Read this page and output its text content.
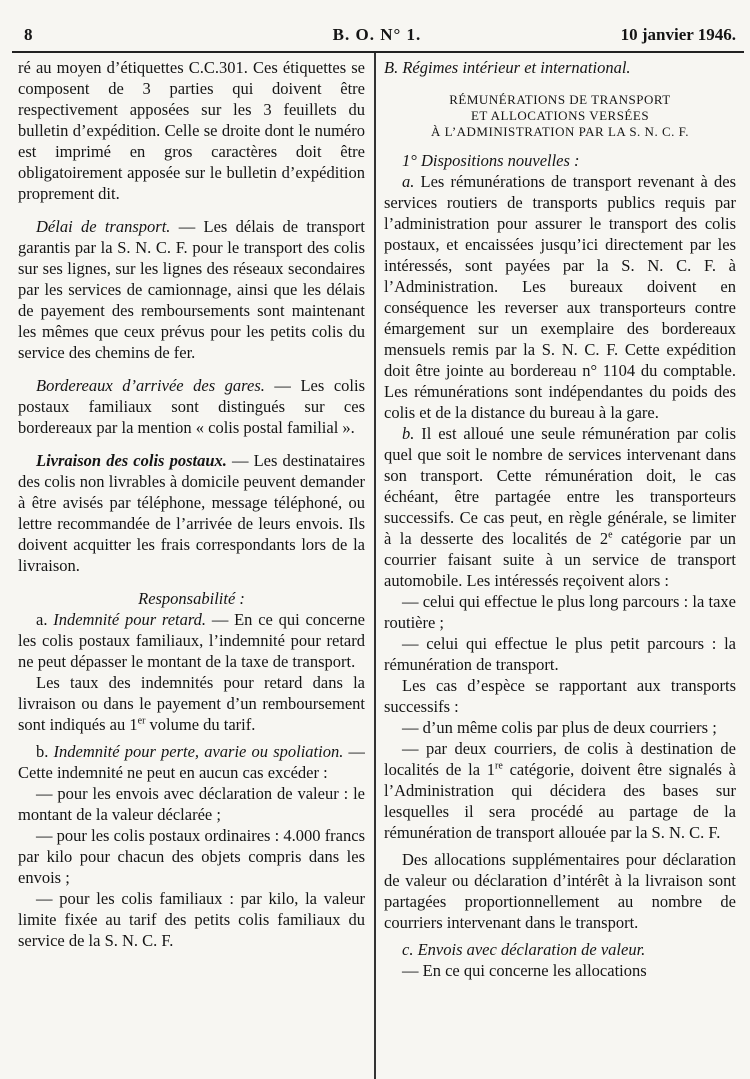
8	B. O. N° 1.	10 janvier 1946.

ré au moyen d’étiquettes C.C.301. Ces étiquettes se composent de 3 parties qui doivent être respectivement apposées sur les 3 feuillets du bulletin d’expédition. Celle se droite dont le numéro est imprimé en gros caractères doit être obligatoirement apposée sur le bulletin d’expédition proprement dit.

Délai de transport. — Les délais de transport garantis par la S. N. C. F. pour le transport des colis sur ses lignes, sur les lignes des réseaux secondaires par les services de camionnage, ainsi que les délais de payement des remboursements sont maintenant les mêmes que ceux prévus pour les petits colis du service des chemins de fer.

Bordereaux d’arrivée des gares. — Les colis postaux familiaux sont distingués sur ces bordereaux par la mention « colis postal familial ».

Livraison des colis postaux. — Les destinataires des colis non livrables à domicile peuvent demander à être avisés par téléphone, message téléphoné, ou lettre recommandée de l’arrivée de leurs envois. Ils doivent acquitter les frais correspondants lors de la livraison.

Responsabilité :

a. Indemnité pour retard. — En ce qui concerne les colis postaux familiaux, l’indemnité pour retard ne peut dépasser le montant de la taxe de transport.

Les taux des indemnités pour retard dans la livraison ou dans le payement d’un remboursement sont indiqués au 1er volume du tarif.

b. Indemnité pour perte, avarie ou spoliation. — Cette indemnité ne peut en aucun cas excéder :

— pour les envois avec déclaration de valeur : le montant de la valeur déclarée ;

— pour les colis postaux ordinaires : 4.000 francs par kilo pour chacun des objets compris dans les envois ;

— pour les colis familiaux : par kilo, la valeur limite fixée au tarif des petits colis familiaux du service de la S. N. C. F.

B. Régimes intérieur et international.

RÉMUNÉRATIONS DE TRANSPORT

ET ALLOCATIONS VERSÉES

À L’ADMINISTRATION PAR LA S. N. C. F.

1° Dispositions nouvelles :

a. Les rémunérations de transport revenant à des services routiers de transports publics requis par l’administration pour assurer le transport des colis postaux, et encaissées jusqu’ici directement par les intéressés, sont payées par la S. N. C. F. à l’Administration. Les bureaux doivent en conséquence les reverser aux transporteurs contre émargement sur un exemplaire des bordereaux mensuels remis par la S. N. C. F. Cette expédition doit être jointe au bordereau n° 1104 du comptable. Les rémunérations sont indépendantes du poids des colis et de la distance du bureau à la gare.

b. Il est alloué une seule rémunération par colis quel que soit le nombre de services intervenant dans son transport. Cette rémunération doit, le cas échéant, être partagée entre les transporteurs successifs. Ce cas peut, en règle générale, se limiter à la desserte des localités de 2e catégorie par un courrier faisant suite à un service de transport automobile. Les intéressés reçoivent alors :

— celui qui effectue le plus long parcours : la taxe routière ;

— celui qui effectue le plus petit parcours : la rémunération de transport.

Les cas d’espèce se rapportant aux transports successifs :

— d’un même colis par plus de deux courriers ;

— par deux courriers, de colis à destination de localités de la 1re catégorie, doivent être signalés à l’Administration qui décidera des bases sur lesquelles il sera procédé au partage de la rémunération de transport allouée par la S. N. C. F.

Des allocations supplémentaires pour déclaration de valeur ou déclaration d’intérêt à la livraison sont partagées proportionnellement au nombre de courriers intervenant dans le transport.

c. Envois avec déclaration de valeur.

— En ce qui concerne les allocations
